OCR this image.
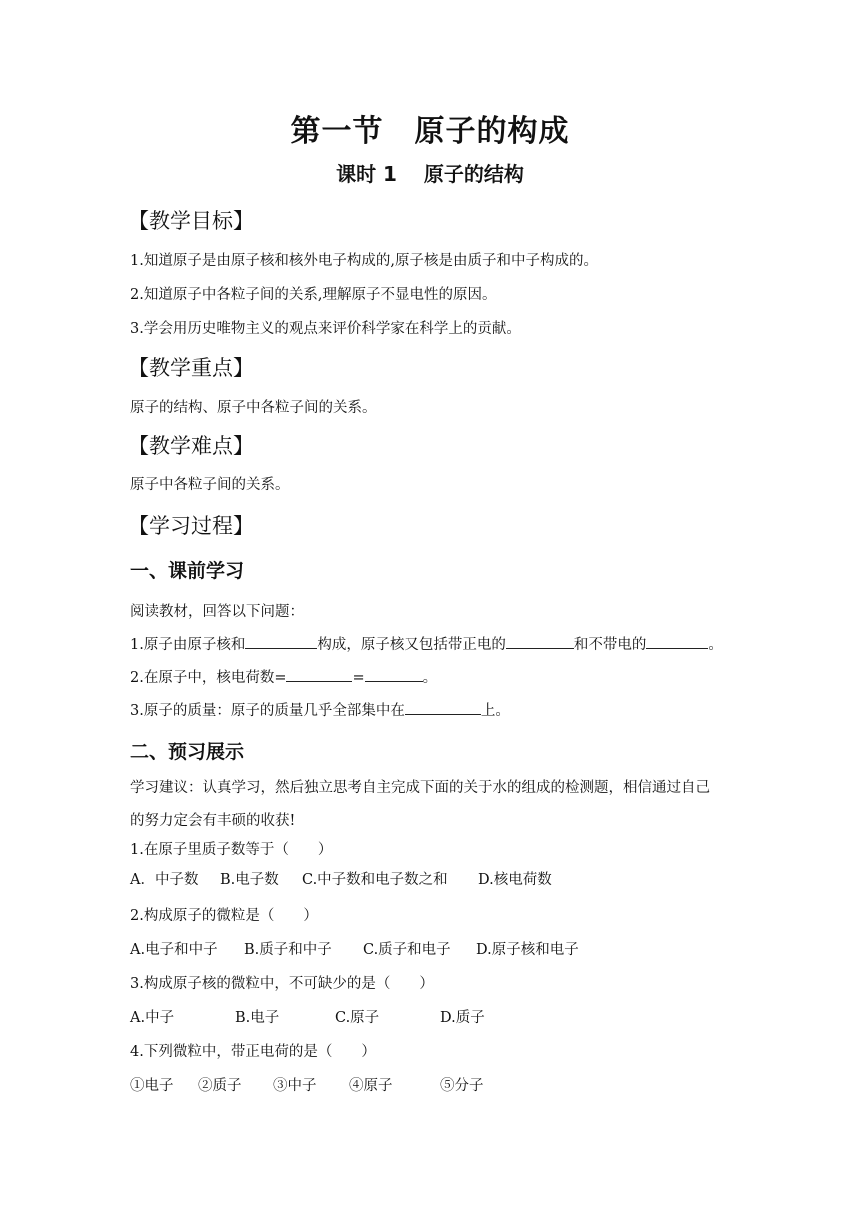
第一节　原子的构成
课时 1　 原子的结构
【教学目标】
1.知道原子是由原子核和核外电子构成的,原子核是由质子和中子构成的。
2.知道原子中各粒子间的关系,理解原子不显电性的原因。
3.学会用历史唯物主义的观点来评价科学家在科学上的贡献。
【教学重点】
原子的结构、原子中各粒子间的关系。
【教学难点】
原子中各粒子间的关系。
【学习过程】
一、课前学习
阅读教材，回答以下问题：
1.原子由原子核和	构成，原子核又包括带正电的	和不带电的	。
2.在原子中，核电荷数=	=	。
3.原子的质量：原子的质量几乎全部集中在	上。
二、预习展示
学习建议：认真学习，然后独立思考自主完成下面的关于水的组成的检测题，相信通过自己
的努力定会有丰硕的收获!
1.在原子里质子数等于（　　）
A．中子数 B.电子数 C.中子数和电子数之和 D.核电荷数
2.构成原子的微粒是（　　）
A.电子和中子 B.质子和中子 C.质子和电子 D.原子核和电子
3.构成原子核的微粒中，不可缺少的是（　　）
A.中子	B.电子	C.原子	D.质子
4.下列微粒中，带正电荷的是（　　）
①电子 ②质子 ③中子 ④原子	⑤分子
